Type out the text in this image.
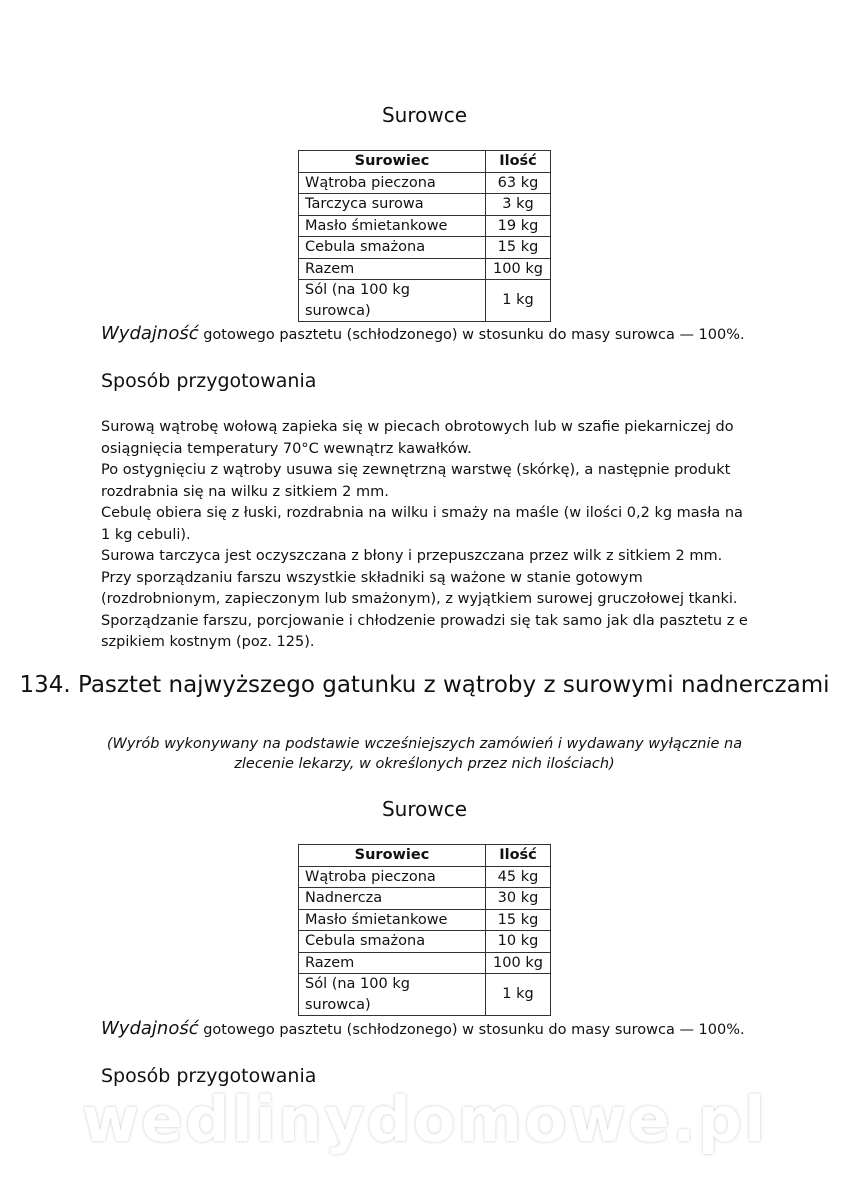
Surowce
Surowiec	Ilość
Wątroba pieczona	63 kg
Tarczyca surowa	3 kg
Masło śmietankowe	19 kg
Cebula smażona	15 kg
Razem	100 kg
Sól (na 100 kg surowca)	1 kg

Wydajność gotowego pasztetu (schłodzonego) w stosunku do masy surowca — 100%.

Sposób przygotowania

Surową wątrobę wołową zapieka się w piecach obrotowych lub w szafie piekarniczej do osiągnięcia temperatury 70°C wewnątrz kawałków.

Po ostygnięciu z wątroby usuwa się zewnętrzną warstwę (skórkę), a następnie produkt rozdrabnia się na wilku z sitkiem 2 mm.

Cebulę obiera się z łuski, rozdrabnia na wilku i smaży na maśle (w ilości 0,2 kg masła na 1 kg cebuli).

Surowa tarczyca jest oczyszczana z błony i przepuszczana przez wilk z sitkiem 2 mm.

Przy sporządzaniu farszu wszystkie składniki są ważone w stanie gotowym (rozdrobnionym, zapieczonym lub smażonym), z wyjątkiem surowej gruczołowej tkanki.

Sporządzanie farszu, porcjowanie i chłodzenie prowadzi się tak samo jak dla pasztetu z e szpikiem kostnym (poz. 125).

134. Pasztet najwyższego gatunku z wątroby z surowymi nadnerczami

(Wyrób wykonywany na podstawie wcześniejszych zamówień i wydawany wyłącznie na zlecenie lekarzy, w określonych przez nich ilościach)

Surowce
Surowiec	Ilość
Wątroba pieczona	45 kg
Nadnercza	30 kg
Masło śmietankowe	15 kg
Cebula smażona	10 kg
Razem	100 kg
Sól (na 100 kg surowca)	1 kg

Wydajność gotowego pasztetu (schłodzonego) w stosunku do masy surowca — 100%.

Sposób przygotowania
wedlinydomowe.pl
